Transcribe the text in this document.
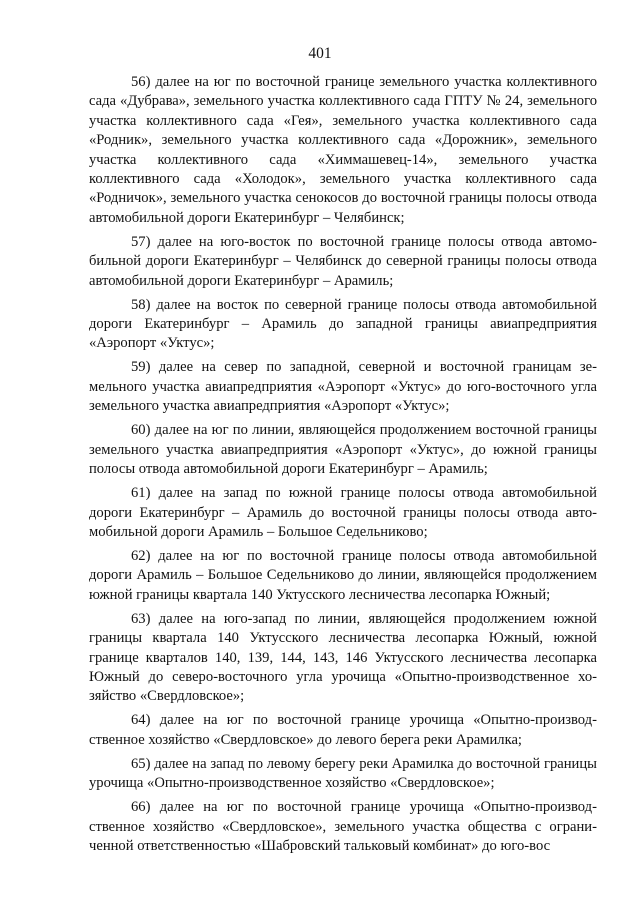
401

56) далее на юг по восточной границе земельного участка коллективного сада «Дубрава», земельного участка коллективного сада ГПТУ № 24, земельного участка коллективного сада «Гея», земельного участка коллективного сада «Родник», земельного участка коллективного сада «Дорожник», земельного участка коллективного сада «Химмашевец-14», земельного участка коллективного сада «Холодок», земельного участка коллективного сада «Родничок», земельного участка сенокосов до восточной границы полосы отвода автомобильной дороги Екатеринбург – Челябинск;

57) далее на юго-восток по восточной границе полосы отвода автомобильной дороги Екатеринбург – Челябинск до северной границы полосы отвода автомобильной дороги Екатеринбург – Арамиль;

58) далее на восток по северной границе полосы отвода автомобильной дороги Екатеринбург – Арамиль до западной границы авиапредприятия «Аэропорт «Уктус»;

59) далее на север по западной, северной и восточной границам земельного участка авиапредприятия «Аэропорт «Уктус» до юго-восточного угла земельного участка авиапредприятия «Аэропорт «Уктус»;

60) далее на юг по линии, являющейся продолжением восточной границы земельного участка авиапредприятия «Аэропорт «Уктус», до южной границы полосы отвода автомобильной дороги Екатеринбург – Арамиль;

61) далее на запад по южной границе полосы отвода автомобильной дороги Екатеринбург – Арамиль до восточной границы полосы отвода автомобильной дороги Арамиль – Большое Седельниково;

62) далее на юг по восточной границе полосы отвода автомобильной дороги Арамиль – Большое Седельниково до линии, являющейся продолжением южной границы квартала 140 Уктусского лесничества лесопарка Южный;

63) далее на юго-запад по линии, являющейся продолжением южной границы квартала 140 Уктусского лесничества лесопарка Южный, южной границе кварталов 140, 139, 144, 143, 146 Уктусского лесничества лесопарка Южный до северо-восточного угла урочища «Опытно-производственное хозяйство «Свердловское»;

64) далее на юг по восточной границе урочища «Опытно-производственное хозяйство «Свердловское» до левого берега реки Арамилка;

65) далее на запад по левому берегу реки Арамилка до восточной границы урочища «Опытно-производственное хозяйство «Свердловское»;

66) далее на юг по восточной границе урочища «Опытно-производственное хозяйство «Свердловское», земельного участка общества с ограниченной ответственностью «Шабровский тальковый комбинат» до юго-вос
